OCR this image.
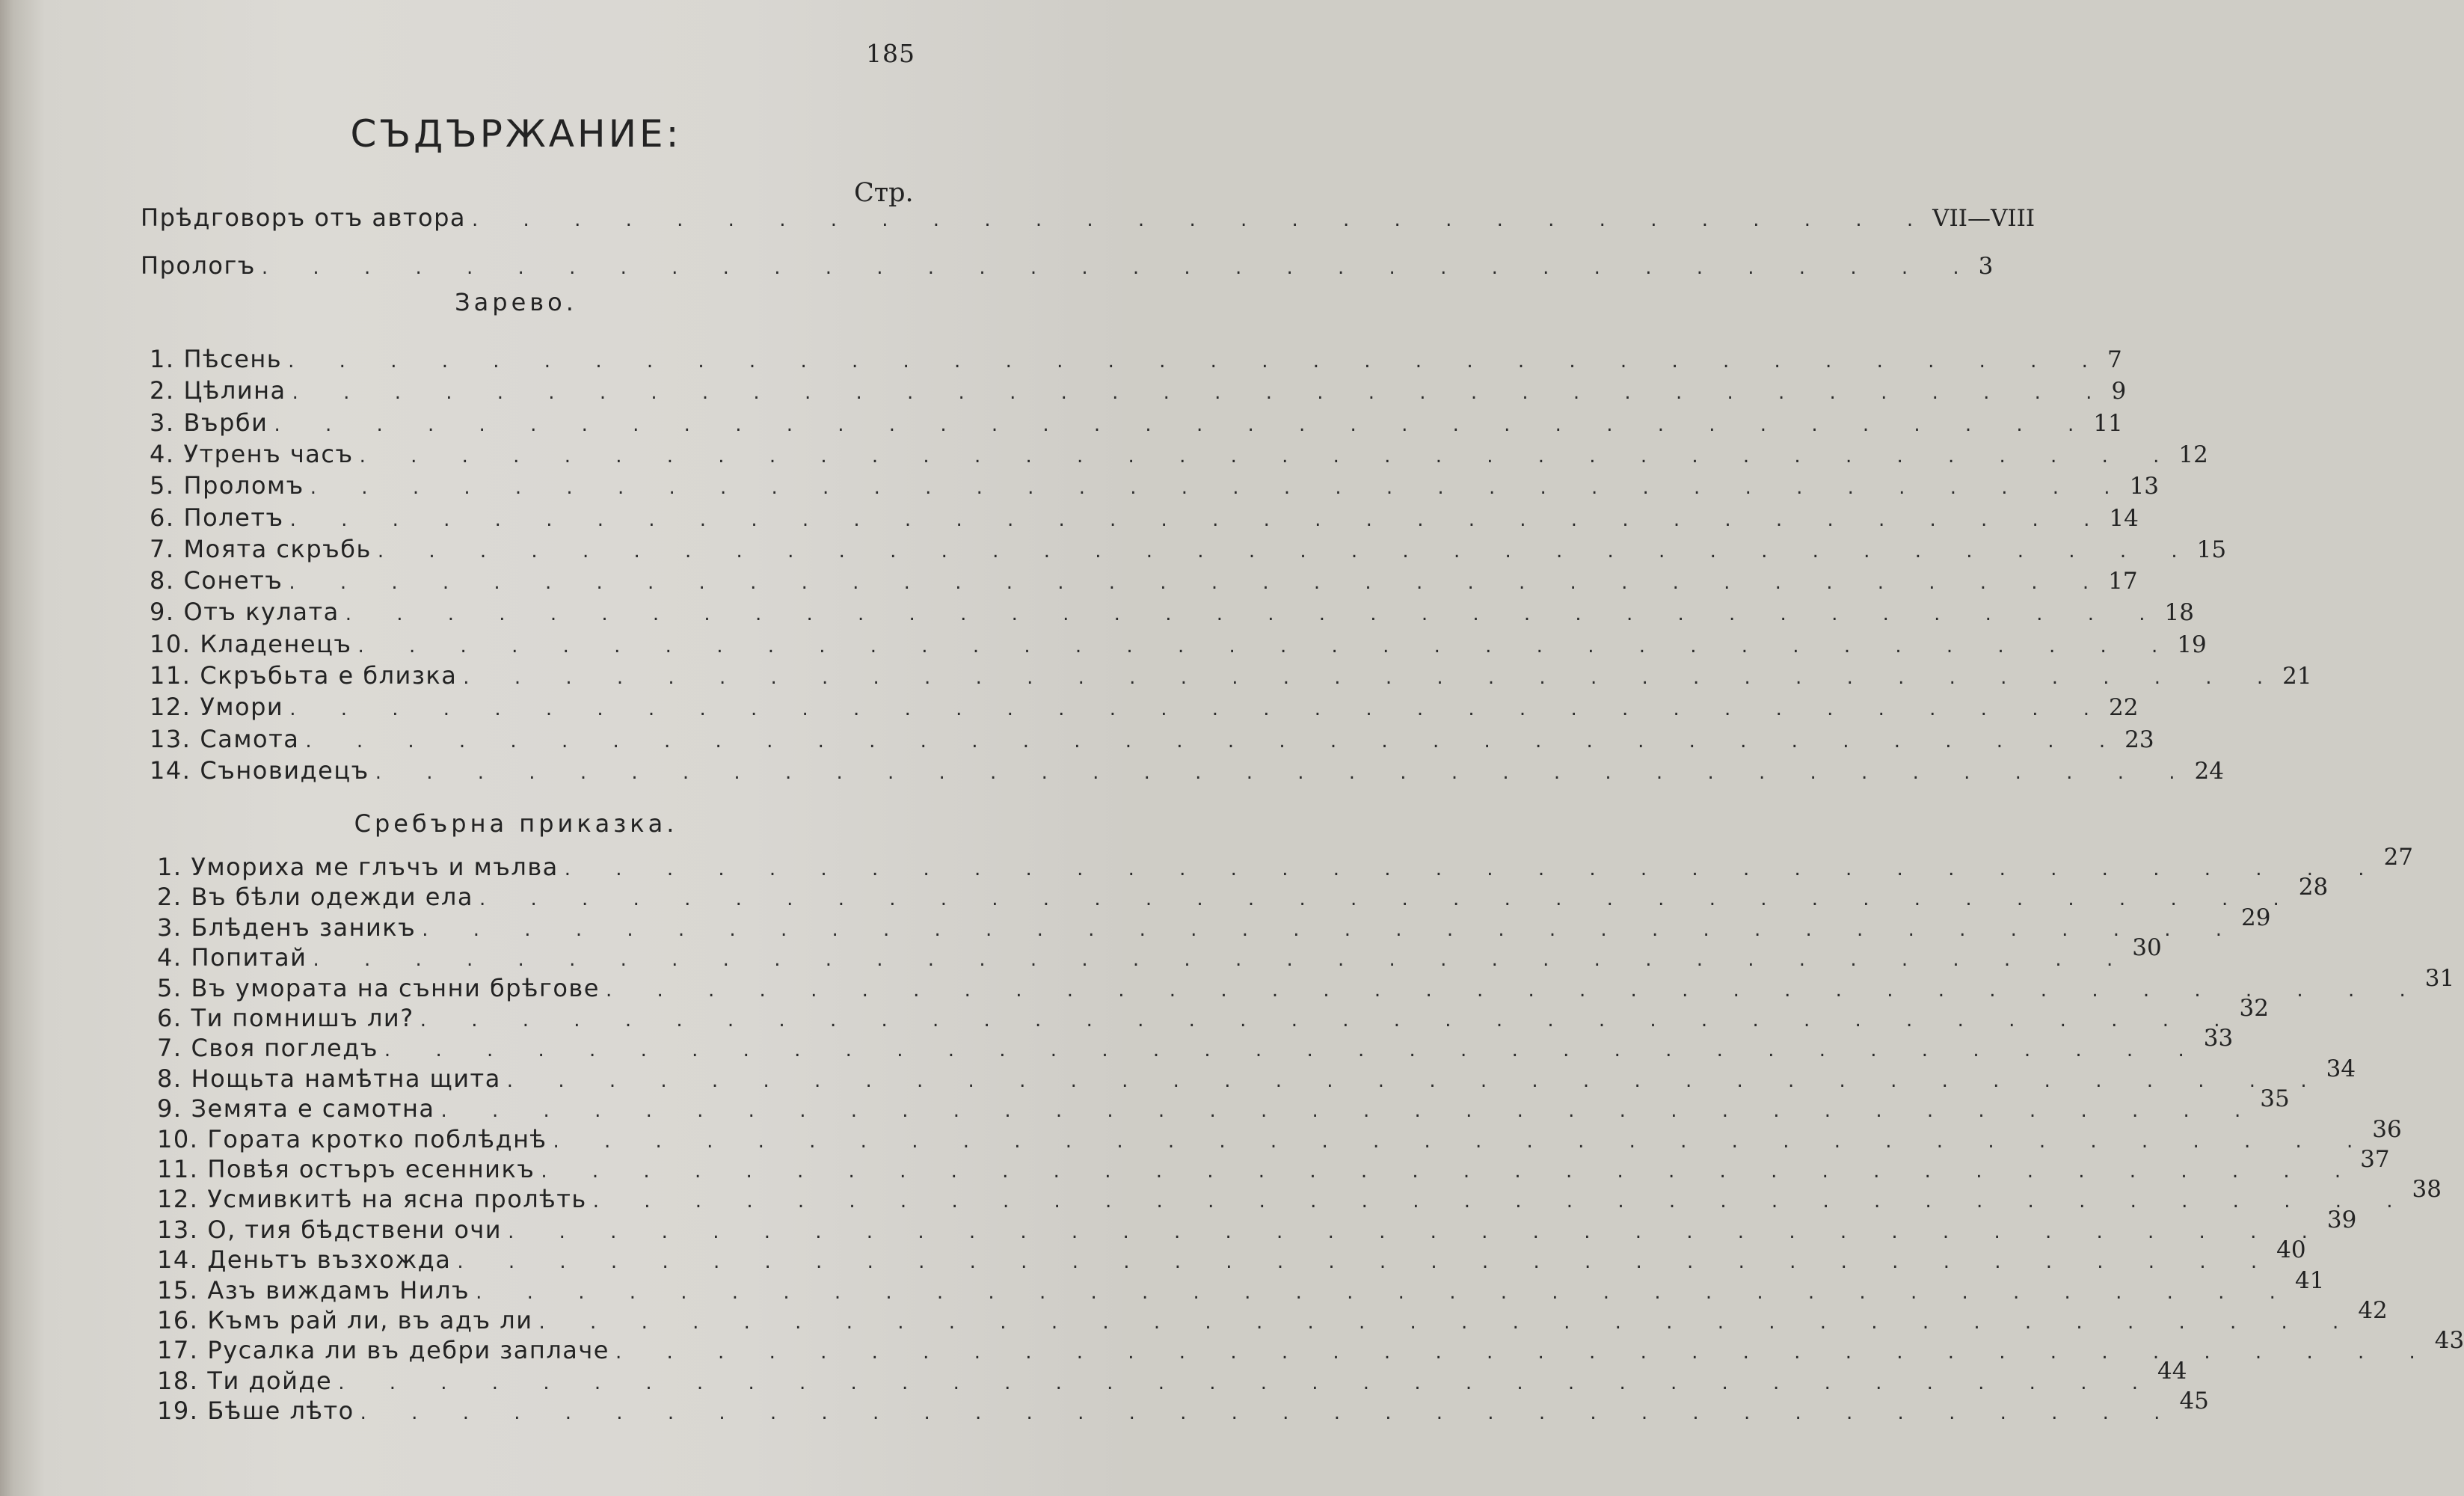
185
СЪДЪРЖАНИЕ:
Стр.
Прѣдговоръ отъ автора . . . . . . . . . . . . . . . . . . . . . . . . . . . . . VII—VIII
Прологъ . . . . . . . . . . . . . . . . . . . . . . . . . . . . . . . . . . 3
Зарево.
1. Пѣсень . . . . . . . . . . . . . . . . . . . . . . . . . . . . . . . . . . . . 7
2. Цѣлина . . . . . . . . . . . . . . . . . . . . . . . . . . . . . . . . . . . . 9
3. Върби . . . . . . . . . . . . . . . . . . . . . . . . . . . . . . . . . . . . 11
4. Утренъ часъ . . . . . . . . . . . . . . . . . . . . . . . . . . . . . . . . . . . . 12
5. Проломъ . . . . . . . . . . . . . . . . . . . . . . . . . . . . . . . . . . . . 13
6. Полетъ . . . . . . . . . . . . . . . . . . . . . . . . . . . . . . . . . . . . 14
7. Моята скръбь . . . . . . . . . . . . . . . . . . . . . . . . . . . . . . . . . . . . 15
8. Сонетъ . . . . . . . . . . . . . . . . . . . . . . . . . . . . . . . . . . . . 17
9. Отъ кулата . . . . . . . . . . . . . . . . . . . . . . . . . . . . . . . . . . . . 18
10. Кладенецъ . . . . . . . . . . . . . . . . . . . . . . . . . . . . . . . . . . . . 19
11. Скръбьта е близка . . . . . . . . . . . . . . . . . . . . . . . . . . . . . . . . . . . . 21
12. Умори . . . . . . . . . . . . . . . . . . . . . . . . . . . . . . . . . . . . 22
13. Самота . . . . . . . . . . . . . . . . . . . . . . . . . . . . . . . . . . . . 23
14. Съновидецъ . . . . . . . . . . . . . . . . . . . . . . . . . . . . . . . . . . . . 24
Сребърна приказка.
1. Умориха ме глъчъ и мълва . . . . . . . . . . . . . . . . . . . . . . . . . . . . . . . . . . . . 27
2. Въ бѣли одежди ела . . . . . . . . . . . . . . . . . . . . . . . . . . . . . . . . . . . . 28
3. Блѣденъ заникъ . . . . . . . . . . . . . . . . . . . . . . . . . . . . . . . . . . . . 29
4. Попитай . . . . . . . . . . . . . . . . . . . . . . . . . . . . . . . . . . . . 30
5. Въ умората на сънни брѣгове . . . . . . . . . . . . . . . . . . . . . . . . . . . . . . . . . . . . 31
6. Ти помнишъ ли? . . . . . . . . . . . . . . . . . . . . . . . . . . . . . . . . . . . . 32
7. Своя погледъ . . . . . . . . . . . . . . . . . . . . . . . . . . . . . . . . . . . . 33
8. Нощьта намѣтна щита . . . . . . . . . . . . . . . . . . . . . . . . . . . . . . . . . . . . 34
9. Земята е самотна . . . . . . . . . . . . . . . . . . . . . . . . . . . . . . . . . . . . 35
10. Гората кротко поблѣднѣ . . . . . . . . . . . . . . . . . . . . . . . . . . . . . . . . . . . . 36
11. Повѣя остъръ есенникъ . . . . . . . . . . . . . . . . . . . . . . . . . . . . . . . . . . . . 37
12. Усмивкитѣ на ясна пролѣть . . . . . . . . . . . . . . . . . . . . . . . . . . . . . . . . . . . . 38
13. О, тия бѣдствени очи . . . . . . . . . . . . . . . . . . . . . . . . . . . . . . . . . . . . 39
14. Деньтъ възхожда . . . . . . . . . . . . . . . . . . . . . . . . . . . . . . . . . . . . 40
15. Азъ виждамъ Нилъ . . . . . . . . . . . . . . . . . . . . . . . . . . . . . . . . . . . . 41
16. Къмъ рай ли, въ адъ ли . . . . . . . . . . . . . . . . . . . . . . . . . . . . . . . . . . . . 42
17. Русалка ли въ дебри заплаче . . . . . . . . . . . . . . . . . . . . . . . . . . . . . . . . . . . . 43
18. Ти дойде . . . . . . . . . . . . . . . . . . . . . . . . . . . . . . . . . . . . 44
19. Бѣше лѣто . . . . . . . . . . . . . . . . . . . . . . . . . . . . . . . . . . . . 45
